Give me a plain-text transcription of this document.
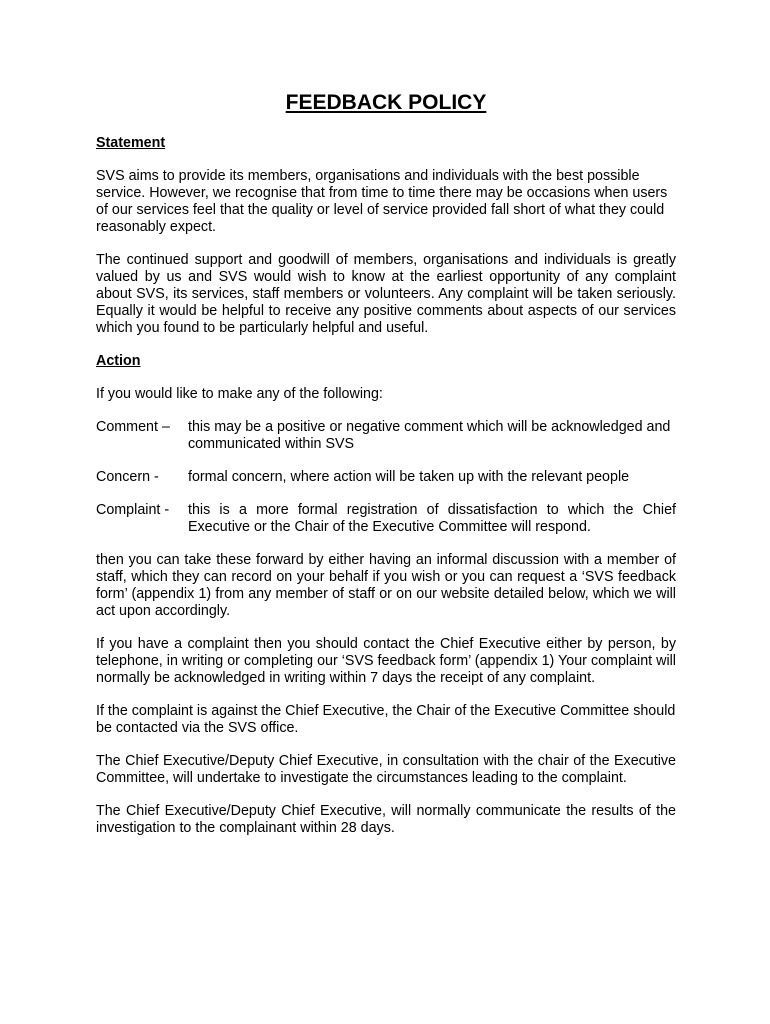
FEEDBACK POLICY
Statement

SVS aims to provide its members, organisations and individuals with the best possible service. However, we recognise that from time to time there may be occasions when users of our services feel that the quality or level of service provided fall short of what they could reasonably expect.

The continued support and goodwill of members, organisations and individuals is greatly valued by us and SVS would wish to know at the earliest opportunity of any complaint about SVS, its services, staff members or volunteers. Any complaint will be taken seriously. Equally it would be helpful to receive any positive comments about aspects of our services which you found to be particularly helpful and useful.

Action

If you would like to make any of the following:

Comment –	this may be a positive or negative comment which will be acknowledged and communicated within SVS
Concern -	formal concern, where action will be taken up with the relevant people
Complaint -	this is a more formal registration of dissatisfaction to which the Chief Executive or the Chair of the Executive Committee will respond.

then you can take these forward by either having an informal discussion with a member of staff, which they can record on your behalf if you wish or you can request a ‘SVS feedback form’ (appendix 1) from any member of staff or on our website detailed below, which we will act upon accordingly.

If you have a complaint then you should contact the Chief Executive either by person, by telephone, in writing or completing our ‘SVS feedback form’ (appendix 1) Your complaint will normally be acknowledged in writing within 7 days the receipt of any complaint.

If the complaint is against the Chief Executive, the Chair of the Executive Committee should be contacted via the SVS office.

The Chief Executive/Deputy Chief Executive, in consultation with the chair of the Executive Committee, will undertake to investigate the circumstances leading to the complaint.

The Chief Executive/Deputy Chief Executive, will normally communicate the results of the investigation to the complainant within 28 days.
